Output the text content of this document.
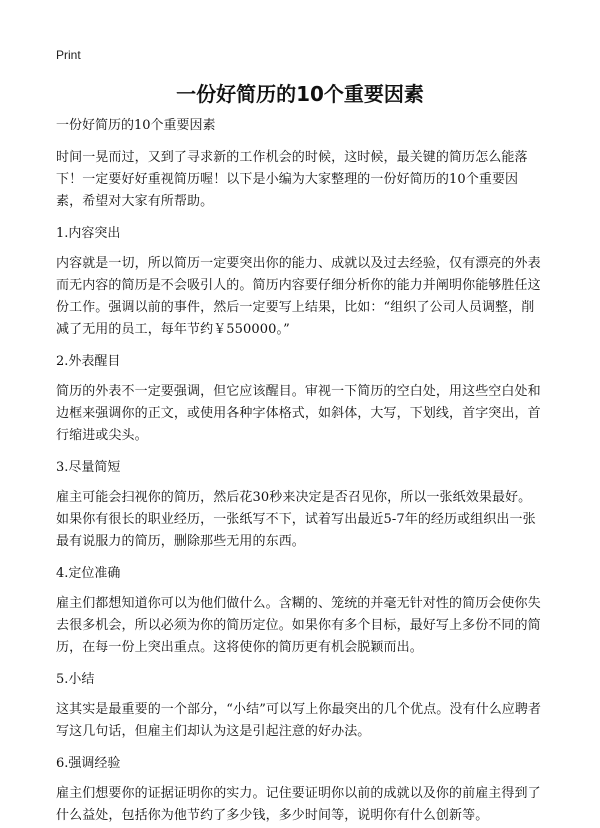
Print
一份好简历的10个重要因素
一份好简历的10个重要因素

时间一晃而过，又到了寻求新的工作机会的时候，这时候，最关键的简历怎么能落下！一定要好好重视简历喔！以下是小编为大家整理的一份好简历的10个重要因素，希望对大家有所帮助。

1.内容突出

内容就是一切，所以简历一定要突出你的能力、成就以及过去经验，仅有漂亮的外表而无内容的简历是不会吸引人的。简历内容要仔细分析你的能力并阐明你能够胜任这份工作。强调以前的事件，然后一定要写上结果，比如：“组织了公司人员调整，削减了无用的员工，每年节约￥550000。”

2.外表醒目

简历的外表不一定要强调，但它应该醒目。审视一下简历的空白处，用这些空白处和边框来强调你的正文，或使用各种字体格式，如斜体，大写，下划线，首字突出，首行缩进或尖头。

3.尽量简短

雇主可能会扫视你的简历，然后花30秒来决定是否召见你，所以一张纸效果最好。如果你有很长的职业经历，一张纸写不下，试着写出最近5-7年的经历或组织出一张最有说服力的简历，删除那些无用的东西。

4.定位准确

雇主们都想知道你可以为他们做什么。含糊的、笼统的并毫无针对性的简历会使你失去很多机会，所以必须为你的简历定位。如果你有多个目标，最好写上多份不同的简历，在每一份上突出重点。这将使你的简历更有机会脱颖而出。

5.小结

这其实是最重要的一个部分，“小结”可以写上你最突出的几个优点。没有什么应聘者写这几句话，但雇主们却认为这是引起注意的好办法。

6.强调经验

雇主们想要你的证据证明你的实力。记住要证明你以前的成就以及你的前雇主得到了什么益处，包括你为他节约了多少钱，多少时间等，说明你有什么创新等。
